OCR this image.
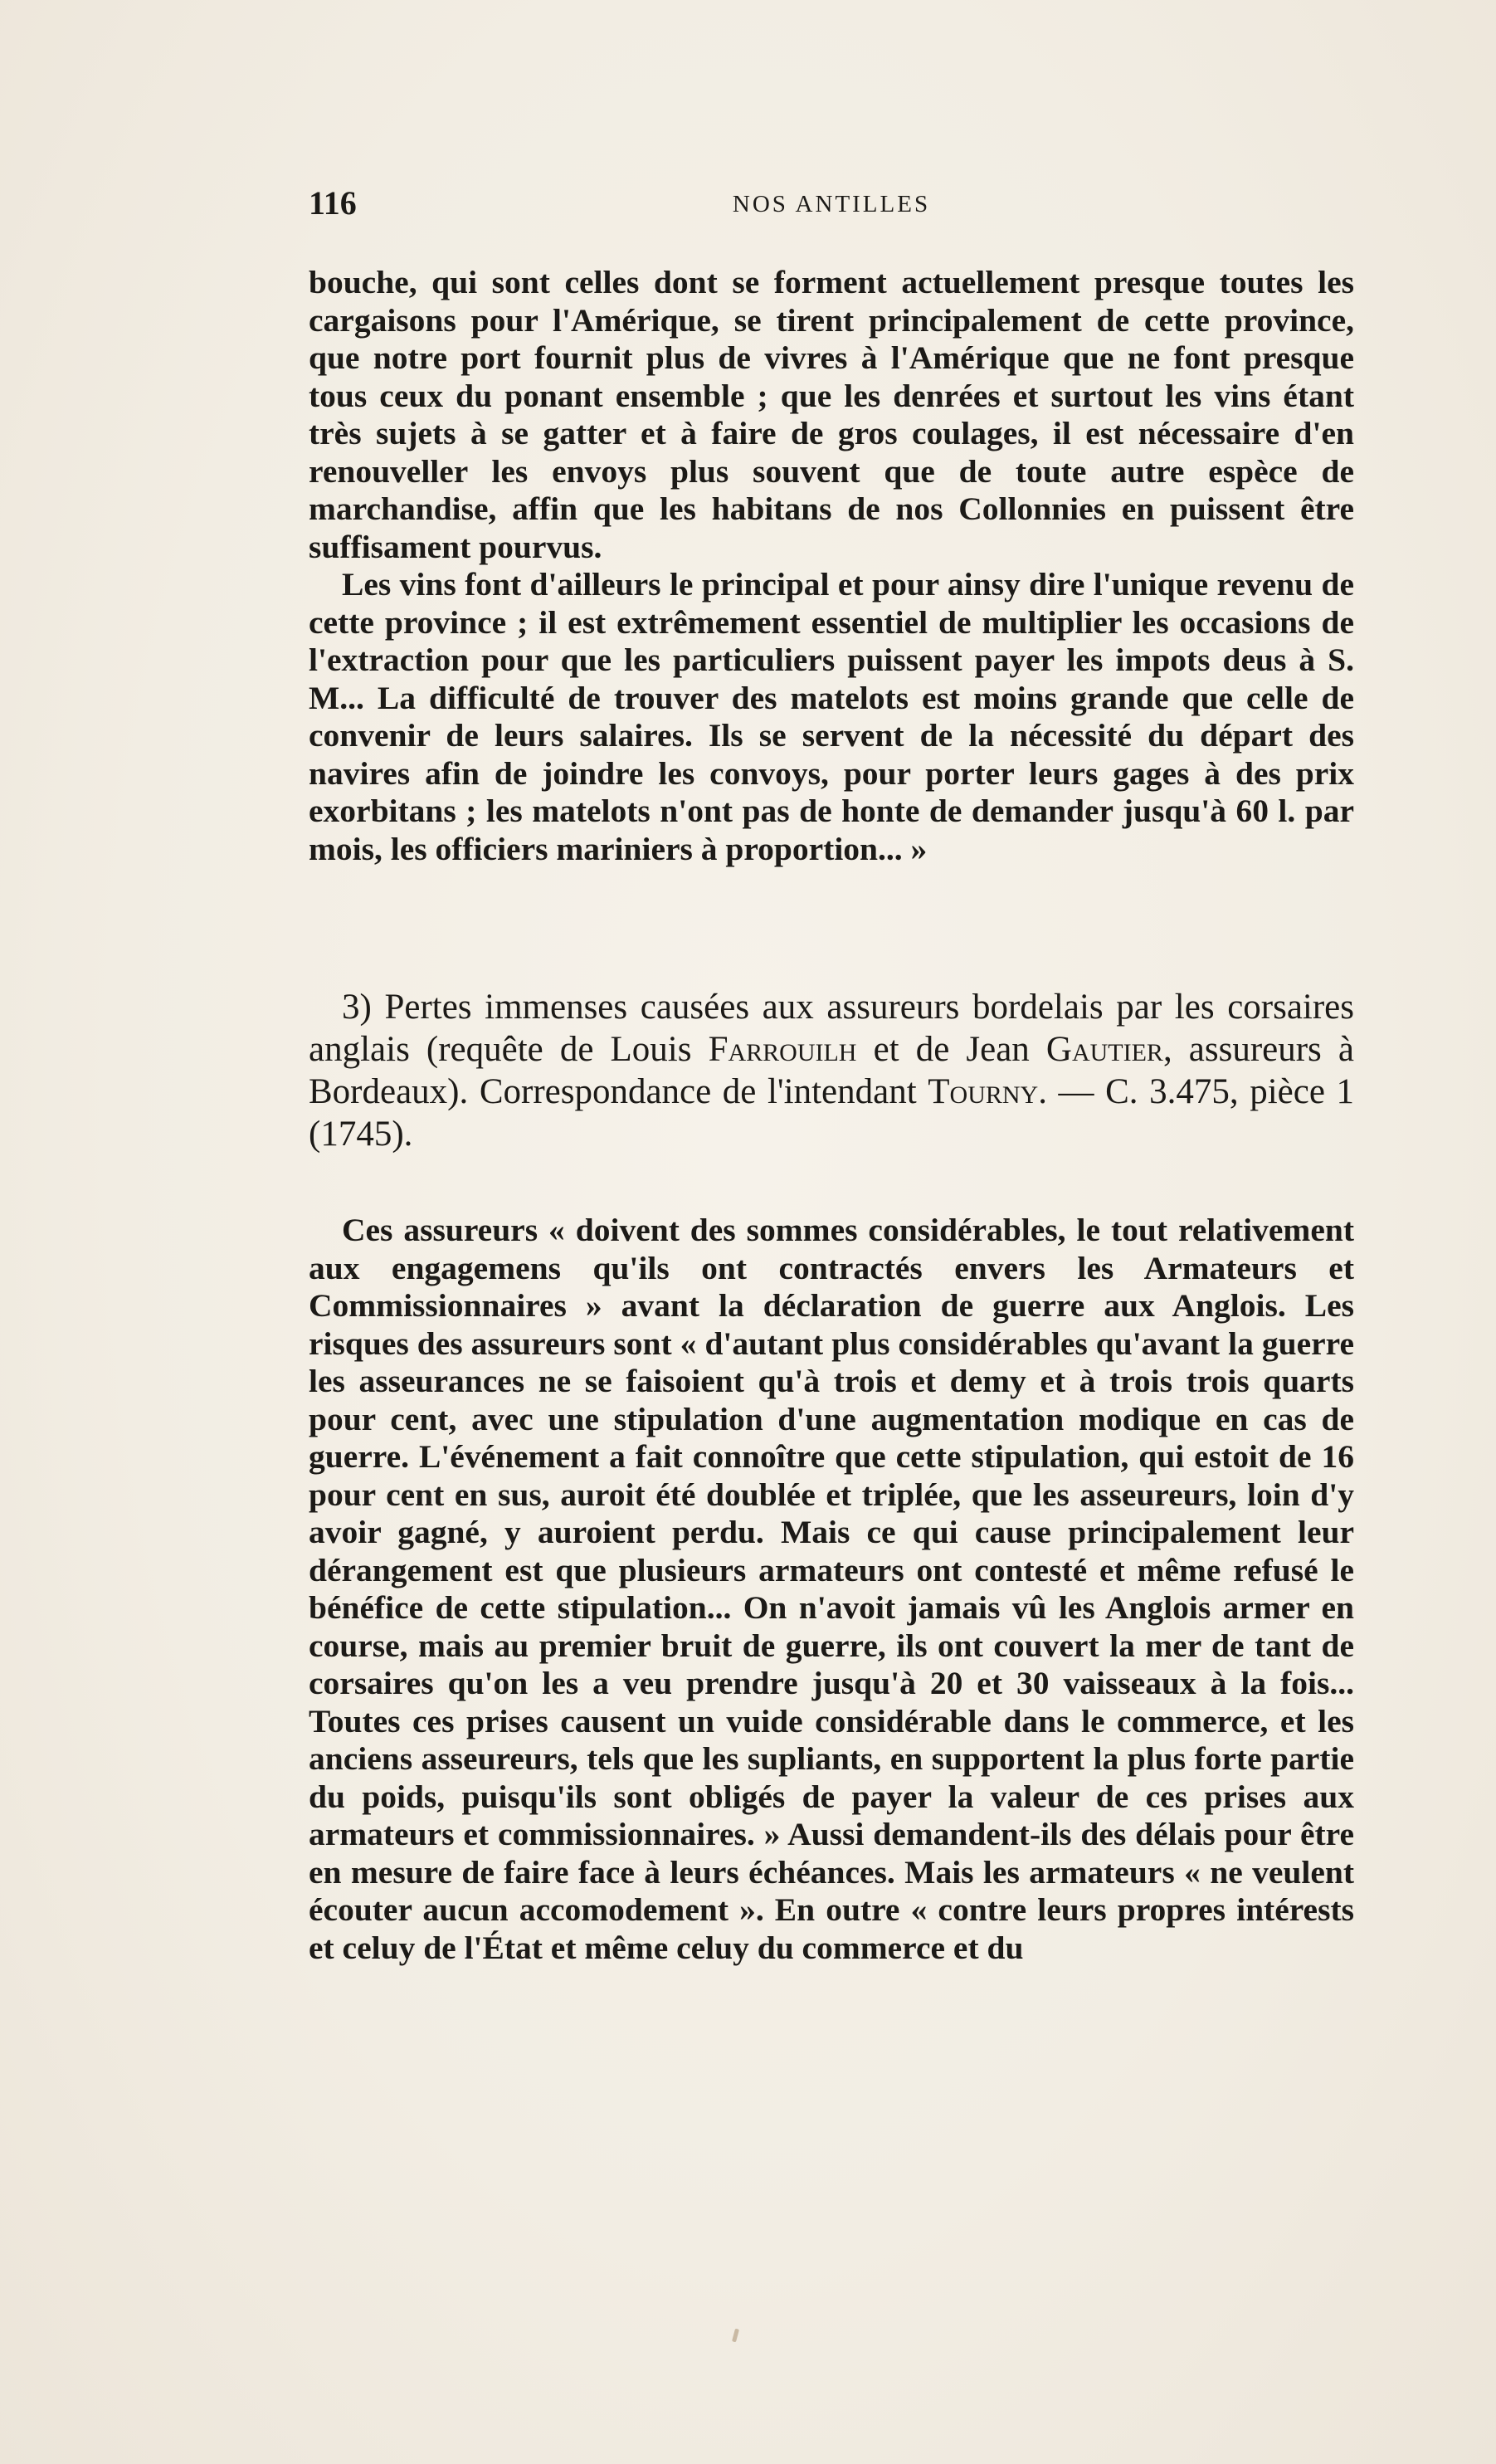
116	NOS ANTILLES

bouche, qui sont celles dont se forment actuellement presque toutes les cargaisons pour l'Amérique, se tirent principalement de cette province, que notre port fournit plus de vivres à l'Amérique que ne font presque tous ceux du ponant ensemble ; que les denrées et surtout les vins étant très sujets à se gatter et à faire de gros coulages, il est nécessaire d'en renouveller les envoys plus souvent que de toute autre espèce de marchandise, affin que les habitans de nos Collonnies en puissent être suffisament pourvus.

Les vins font d'ailleurs le principal et pour ainsy dire l'unique revenu de cette province ; il est extrêmement essentiel de multiplier les occasions de l'extraction pour que les particuliers puissent payer les impots deus à S. M... La difficulté de trouver des matelots est moins grande que celle de convenir de leurs salaires. Ils se servent de la nécessité du départ des navires afin de joindre les convoys, pour porter leurs gages à des prix exorbitans ; les matelots n'ont pas de honte de demander jusqu'à 60 l. par mois, les officiers mariniers à proportion... »

3) Pertes immenses causées aux assureurs bordelais par les corsaires anglais (requête de Louis Farrouilh et de Jean Gautier, assureurs à Bordeaux). Correspondance de l'intendant Tourny. — C. 3.475, pièce 1 (1745).

Ces assureurs « doivent des sommes considérables, le tout relativement aux engagemens qu'ils ont contractés envers les Armateurs et Commissionnaires » avant la déclaration de guerre aux Anglois. Les risques des assureurs sont « d'autant plus considérables qu'avant la guerre les asseurances ne se faisoient qu'à trois et demy et à trois trois quarts pour cent, avec une stipulation d'une augmentation modique en cas de guerre. L'événement a fait connoître que cette stipulation, qui estoit de 16 pour cent en sus, auroit été doublée et triplée, que les asseureurs, loin d'y avoir gagné, y auroient perdu. Mais ce qui cause principalement leur dérangement est que plusieurs armateurs ont contesté et même refusé le bénéfice de cette stipulation... On n'avoit jamais vû les Anglois armer en course, mais au premier bruit de guerre, ils ont couvert la mer de tant de corsaires qu'on les a veu prendre jusqu'à 20 et 30 vaisseaux à la fois... Toutes ces prises causent un vuide considérable dans le commerce, et les anciens asseureurs, tels que les supliants, en supportent la plus forte partie du poids, puisqu'ils sont obligés de payer la valeur de ces prises aux armateurs et commissionnaires. » Aussi demandent-ils des délais pour être en mesure de faire face à leurs échéances. Mais les armateurs « ne veulent écouter aucun accomodement ». En outre « contre leurs propres intérests et celuy de l'État et même celuy du commerce et du
